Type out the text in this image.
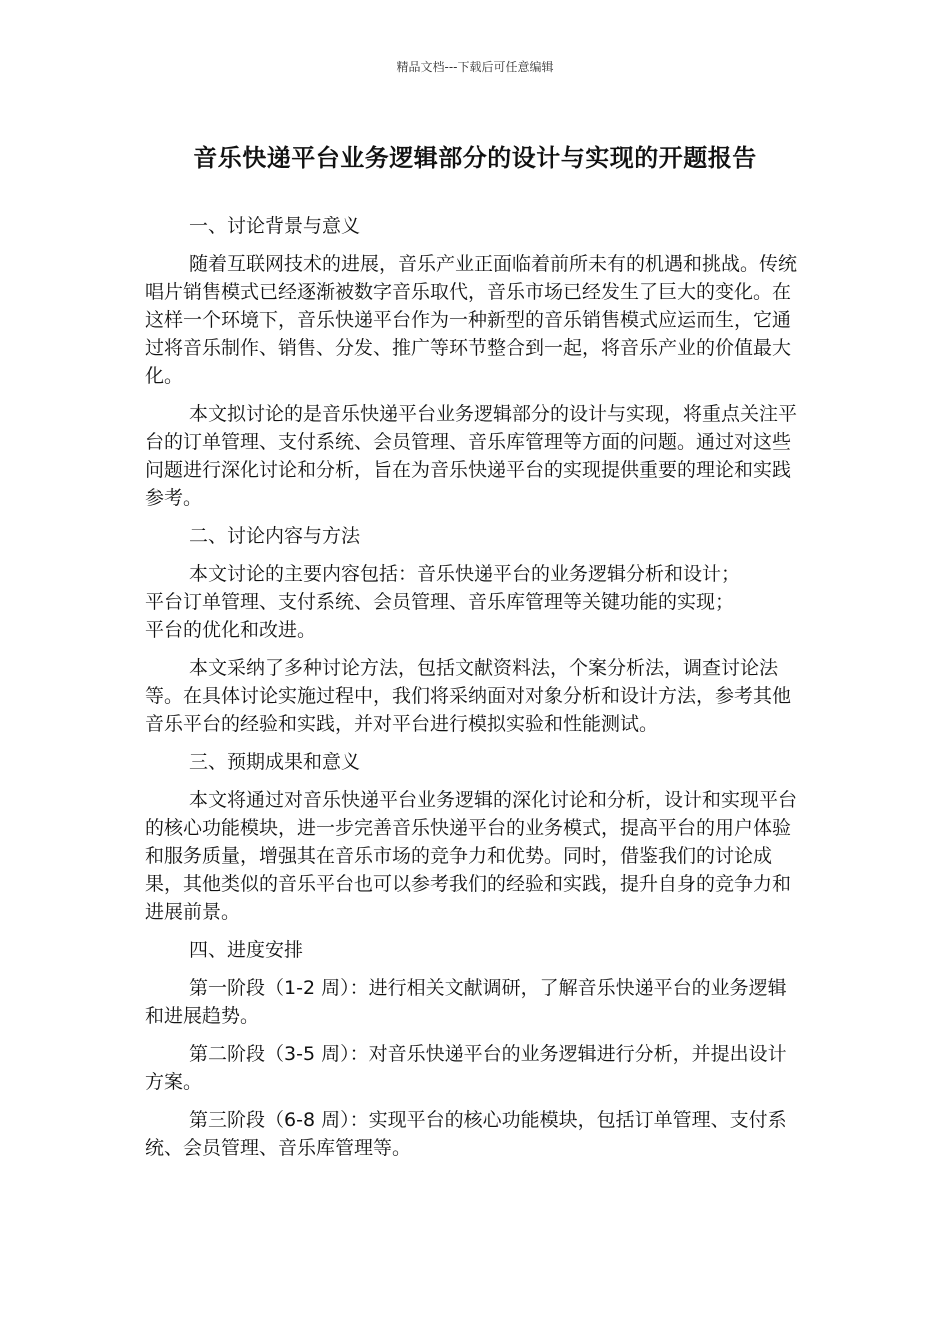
精品文档---下载后可任意编辑
音乐快递平台业务逻辑部分的设计与实现的开题报告

一、讨论背景与意义

随着互联网技术的进展，音乐产业正面临着前所未有的机遇和挑战。传统唱片销售模式已经逐渐被数字音乐取代，音乐市场已经发生了巨大的变化。在这样一个环境下，音乐快递平台作为一种新型的音乐销售模式应运而生，它通过将音乐制作、销售、分发、推广等环节整合到一起，将音乐产业的价值最大化。

本文拟讨论的是音乐快递平台业务逻辑部分的设计与实现，将重点关注平台的订单管理、支付系统、会员管理、音乐库管理等方面的问题。通过对这些问题进行深化讨论和分析，旨在为音乐快递平台的实现提供重要的理论和实践参考。

二、讨论内容与方法

本文讨论的主要内容包括：音乐快递平台的业务逻辑分析和设计；
平台订单管理、支付系统、会员管理、音乐库管理等关键功能的实现；
平台的优化和改进。

本文采纳了多种讨论方法，包括文献资料法，个案分析法，调查讨论法等。在具体讨论实施过程中，我们将采纳面对对象分析和设计方法，参考其他音乐平台的经验和实践，并对平台进行模拟实验和性能测试。

三、预期成果和意义

本文将通过对音乐快递平台业务逻辑的深化讨论和分析，设计和实现平台的核心功能模块，进一步完善音乐快递平台的业务模式，提高平台的用户体验和服务质量，增强其在音乐市场的竞争力和优势。同时，借鉴我们的讨论成果，其他类似的音乐平台也可以参考我们的经验和实践，提升自身的竞争力和进展前景。

四、进度安排

第一阶段（1-2 周）：进行相关文献调研，了解音乐快递平台的业务逻辑和进展趋势。

第二阶段（3-5 周）：对音乐快递平台的业务逻辑进行分析，并提出设计方案。

第三阶段（6-8 周）：实现平台的核心功能模块，包括订单管理、支付系统、会员管理、音乐库管理等。
